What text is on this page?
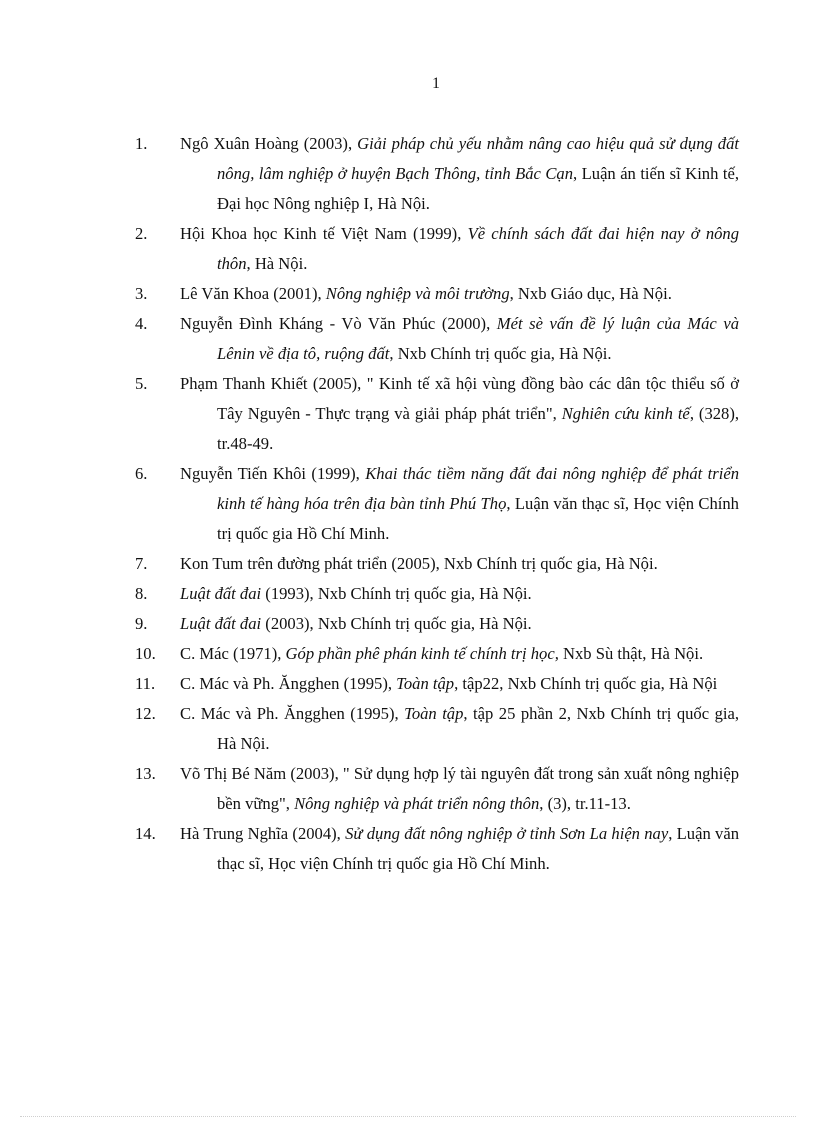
1
1.	Ngô Xuân Hoàng (2003), Giải pháp chủ yếu nhằm nâng cao hiệu quả sử dụng đất nông, lâm nghiệp ở huyện Bạch Thông, tỉnh Bắc Cạn, Luận án tiến sĩ Kinh tế, Đại học Nông nghiệp I, Hà Nội.
2.	Hội Khoa học Kinh tế Việt Nam (1999), Về chính sách đất đai hiện nay ở nông thôn, Hà Nội.
3.	Lê Văn Khoa (2001), Nông nghiệp và môi trường, Nxb Giáo dục, Hà Nội.
4.	Nguyễn Đình Kháng - Vò Văn Phúc (2000), Mét sè vấn đề lý luận của Mác và Lênin về địa tô, ruộng đất, Nxb Chính trị quốc gia, Hà Nội.
5.	Phạm Thanh Khiết (2005), " Kinh tế xã hội vùng đồng bào các dân tộc thiểu số ở Tây Nguyên - Thực trạng và giải pháp phát triển", Nghiên cứu kinh tế, (328), tr.48-49.
6.	Nguyễn Tiến Khôi (1999), Khai thác tiềm năng đất đai nông nghiệp để phát triển kinh tế hàng hóa trên địa bàn tỉnh Phú Thọ, Luận văn thạc sĩ, Học viện Chính trị quốc gia Hồ Chí Minh.
7.	Kon Tum trên đường phát triển (2005), Nxb Chính trị quốc gia, Hà Nội.
8.	Luật đất đai (1993), Nxb Chính trị quốc gia, Hà Nội.
9.	Luật đất đai (2003), Nxb Chính trị quốc gia, Hà Nội.
10.	C. Mác (1971), Góp phần phê phán kinh tế chính trị học, Nxb Sù thật, Hà Nội.
11.	C. Mác và Ph. Ăngghen (1995), Toàn tập, tập22, Nxb Chính trị quốc gia, Hà Nội
12.	C. Mác và Ph. Ăngghen (1995), Toàn tập, tập 25 phần 2, Nxb Chính trị quốc gia, Hà Nội.
13.	Võ Thị Bé Năm (2003), " Sử dụng hợp lý tài nguyên đất trong sản xuất nông nghiệp bền vững", Nông nghiệp và phát triển nông thôn, (3), tr.11-13.
14.	Hà Trung Nghĩa (2004), Sử dụng đất nông nghiệp ở tỉnh Sơn La hiện nay, Luận văn thạc sĩ, Học viện Chính trị quốc gia Hồ Chí Minh.
